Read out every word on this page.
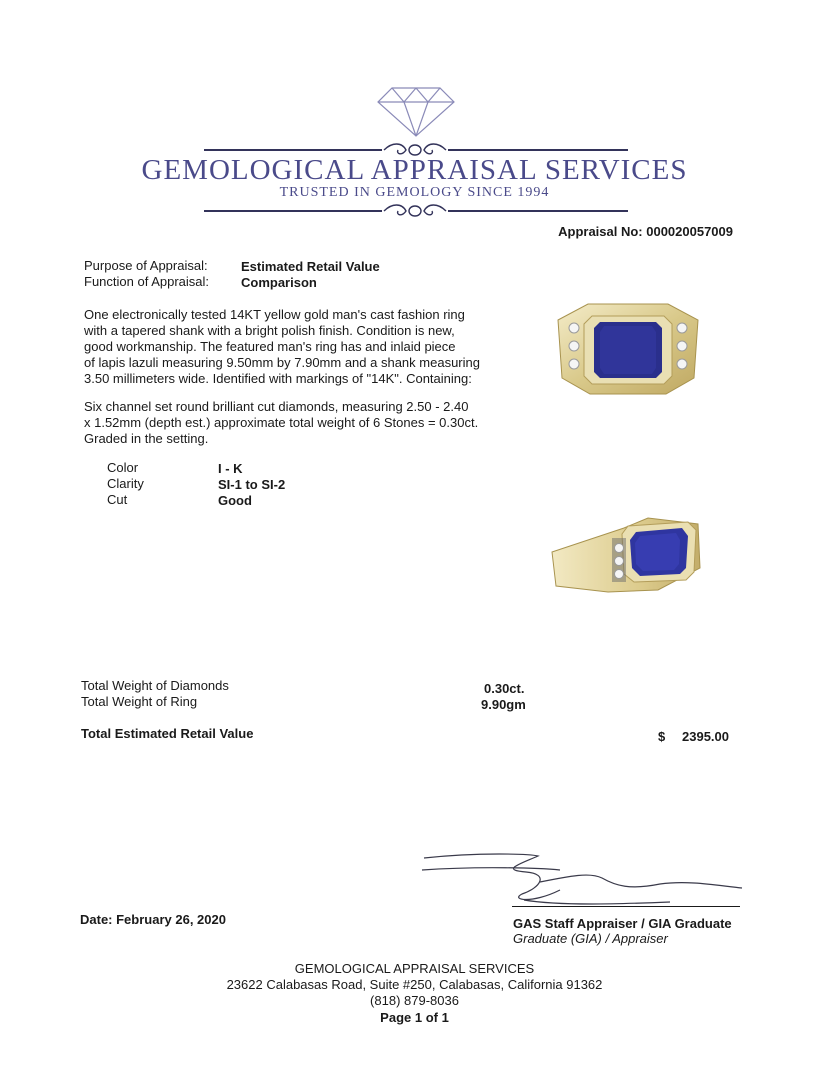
GEMOLOGICAL APPRAISAL SERVICES
TRUSTED IN GEMOLOGY SINCE 1994
Appraisal No: 000020057009
Purpose of Appraisal:	Estimated Retail Value
Function of Appraisal: Comparison
One electronically tested 14KT yellow gold man's cast fashion ring
with a tapered shank with a bright polish finish. Condition is new,
good workmanship. The featured man's ring has and inlaid piece
of lapis lazuli measuring 9.50mm by 7.90mm and a shank measuring
3.50 millimeters wide. Identified with markings of "14K". Containing:
Six channel set round brilliant cut diamonds, measuring 2.50 - 2.40
x 1.52mm (depth est.) approximate total weight of 6 Stones = 0.30ct.
Graded in the setting.
Color	I - K
Clarity	SI-1 to SI-2
Cut	Good
Total Weight of Diamonds	0.30ct.
Total Weight of Ring	9.90gm
Total Estimated Retail Value	$ 2395.00
Date: February 26, 2020	GAS Staff Appraiser / GIA Graduate
Graduate (GIA) / Appraiser
GEMOLOGICAL APPRAISAL SERVICES
23622 Calabasas Road, Suite #250, Calabasas, California 91362
(818) 879-8036
Page 1 of 1
